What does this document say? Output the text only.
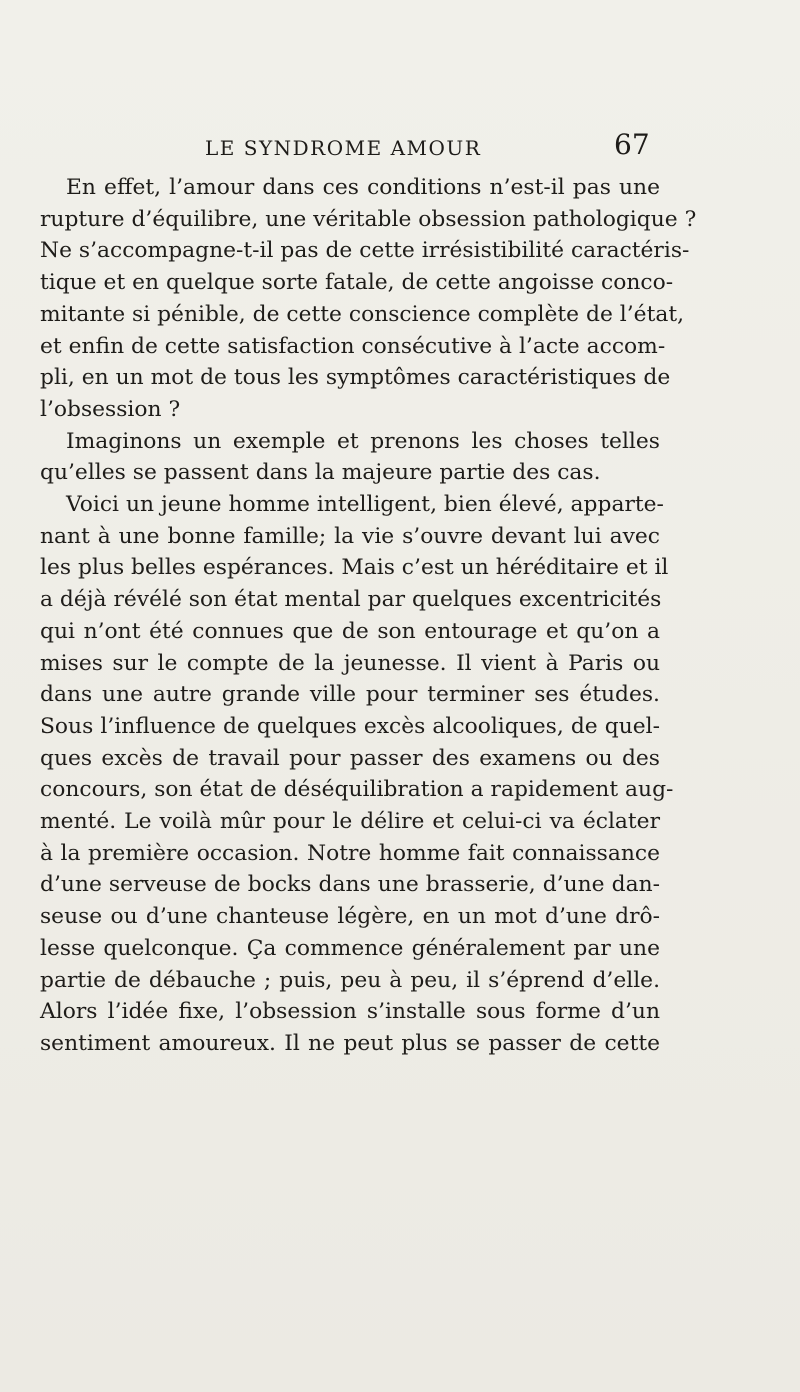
LE SYNDROME AMOUR	67
En effet, l’amour dans ces conditions n’est-il pas une
rupture d’équilibre, une véritable obsession pathologique ?
Ne s’accompagne-t-il pas de cette irrésistibilité caractéris-
tique et en quelque sorte fatale, de cette angoisse conco-
mitante si pénible, de cette conscience complète de l’état,
et enfin de cette satisfaction consécutive à l’acte accom-
pli, en un mot de tous les symptômes caractéristiques de
l’obsession ?
Imaginons un exemple et prenons les choses telles
qu’elles se passent dans la majeure partie des cas.
Voici un jeune homme intelligent, bien élevé, apparte-
nant à une bonne famille; la vie s’ouvre devant lui avec
les plus belles espérances. Mais c’est un héréditaire et il
a déjà révélé son état mental par quelques excentricités
qui n’ont été connues que de son entourage et qu’on a
mises sur le compte de la jeunesse. Il vient à Paris ou
dans une autre grande ville pour terminer ses études.
Sous l’influence de quelques excès alcooliques, de quel-
ques excès de travail pour passer des examens ou des
concours, son état de déséquilibration a rapidement aug-
menté. Le voilà mûr pour le délire et celui-ci va éclater
à la première occasion. Notre homme fait connaissance
d’une serveuse de bocks dans une brasserie, d’une dan-
seuse ou d’une chanteuse légère, en un mot d’une drô-
lesse quelconque. Ça commence généralement par une
partie de débauche ; puis, peu à peu, il s’éprend d’elle.
Alors l’idée fixe, l’obsession s’installe sous forme d’un
sentiment amoureux. Il ne peut plus se passer de cette
